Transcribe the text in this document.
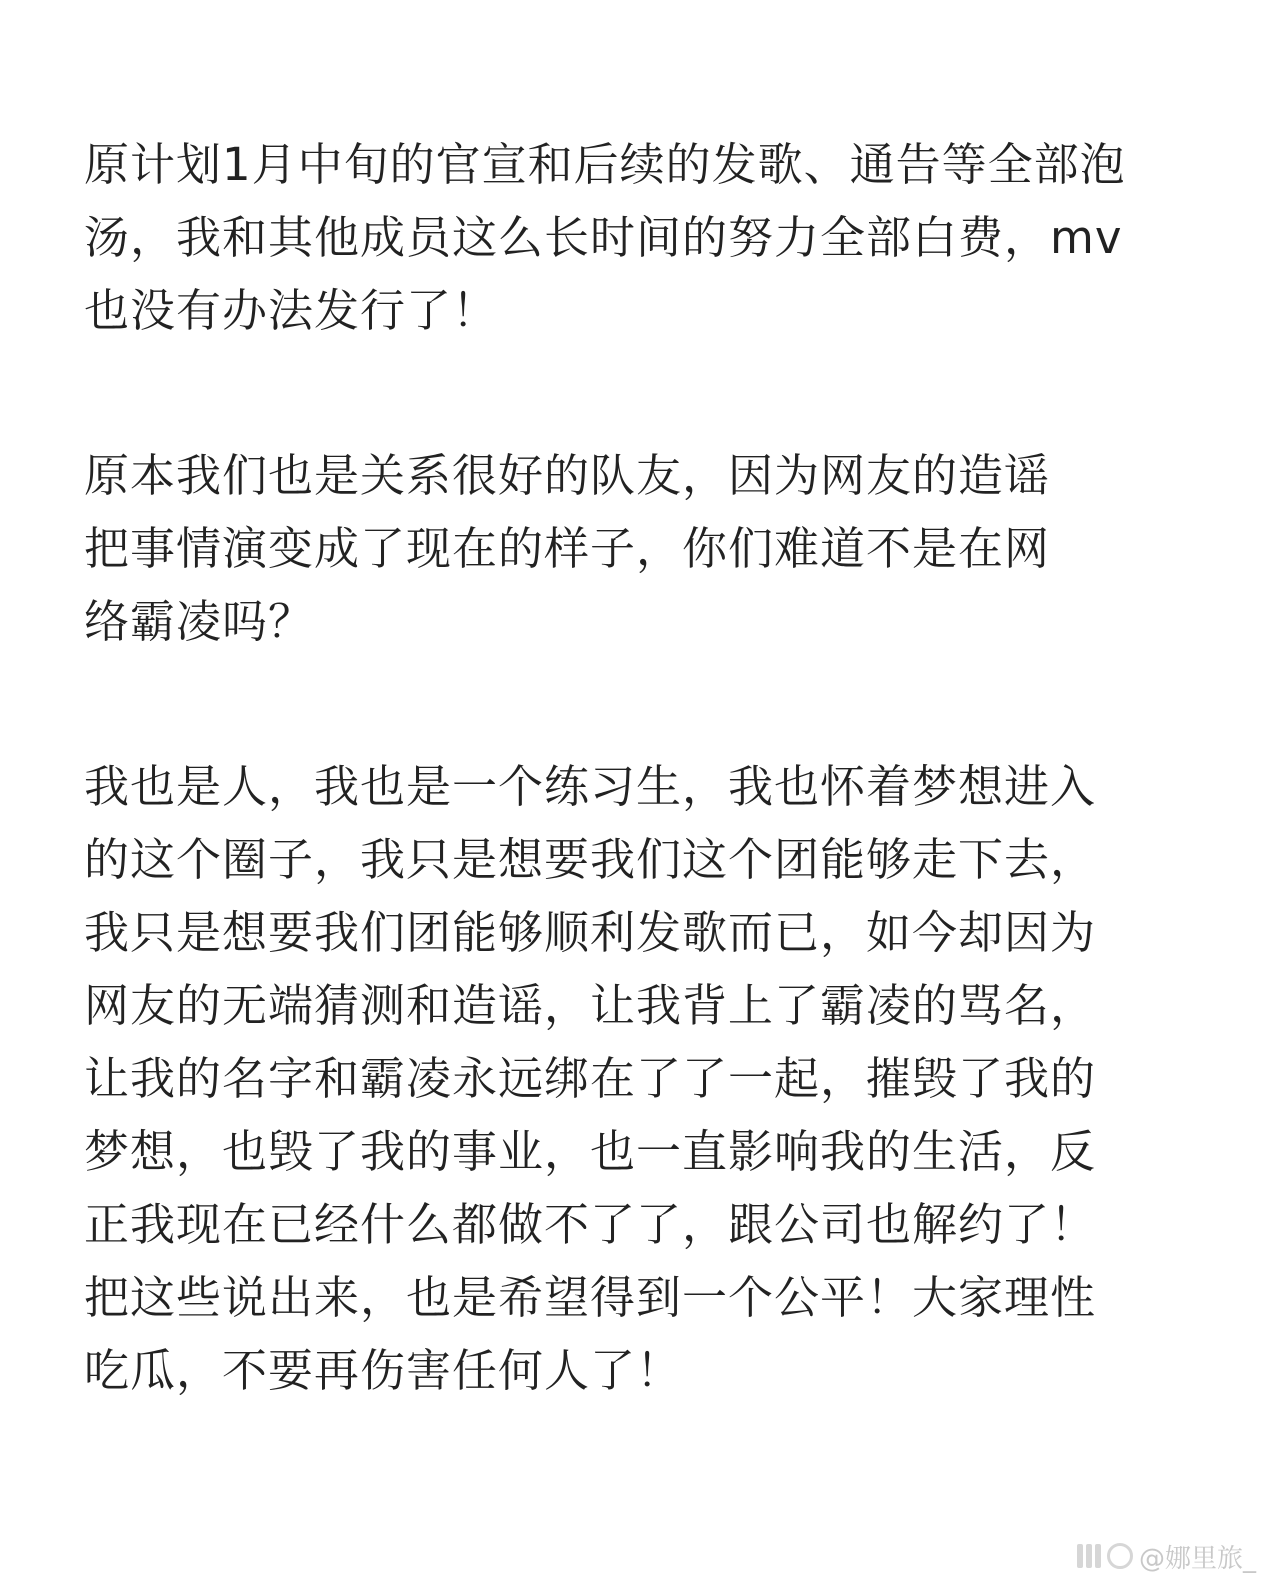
原计划1月中旬的官宣和后续的发歌、通告等全部泡
汤，我和其他成员这么长时间的努力全部白费，mv
也没有办法发行了！
原本我们也是关系很好的队友，因为网友的造谣
把事情演变成了现在的样子，你们难道不是在网
络霸凌吗？
我也是人，我也是一个练习生，我也怀着梦想进入
的这个圈子，我只是想要我们这个团能够走下去，
我只是想要我们团能够顺利发歌而已，如今却因为
网友的无端猜测和造谣，让我背上了霸凌的骂名，
让我的名字和霸凌永远绑在了了一起，摧毁了我的
梦想，也毁了我的事业，也一直影响我的生活，反
正我现在已经什么都做不了了，跟公司也解约了！
把这些说出来，也是希望得到一个公平！大家理性
吃瓜，不要再伤害任何人了！
@娜里旅_
